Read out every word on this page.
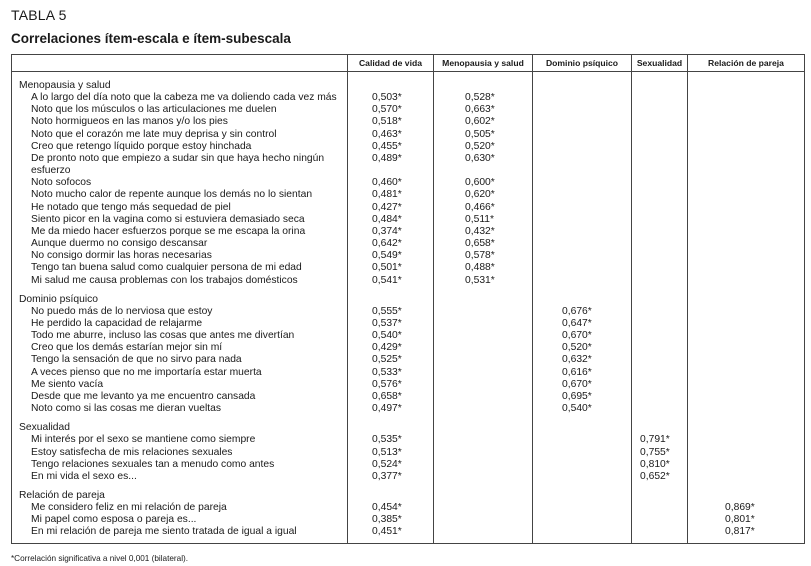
TABLA 5
Correlaciones ítem-escala e ítem-subescala
	Calidad de vida	Menopausia y salud	Dominio psíquico	Sexualidad	Relación de pareja

Menopausia y salud					
A lo largo del día noto que la cabeza me va doliendo cada vez más	0,503*	0,528*			
Noto que los músculos o las articulaciones me duelen	0,570*	0,663*			
Noto hormigueos en las manos y/o los pies	0,518*	0,602*			
Noto que el corazón me late muy deprisa y sin control	0,463*	0,505*			
Creo que retengo líquido porque estoy hinchada	0,455*	0,520*			
De pronto noto que empiezo a sudar sin que haya hecho ningún esfuerzo	0,489*	0,630*			
Noto sofocos	0,460*	0,600*			
Noto mucho calor de repente aunque los demás no lo sientan	0,481*	0,620*			
He notado que tengo más sequedad de piel	0,427*	0,466*			
Siento picor en la vagina como si estuviera demasiado seca	0,484*	0,511*			
Me da miedo hacer esfuerzos porque se me escapa la orina	0,374*	0,432*			
Aunque duermo no consigo descansar	0,642*	0,658*			
No consigo dormir las horas necesarias	0,549*	0,578*			
Tengo tan buena salud como cualquier persona de mi edad	0,501*	0,488*			
Mi salud me causa problemas con los trabajos domésticos	0,541*	0,531*			

Dominio psíquico					
No puedo más de lo nerviosa que estoy	0,555*		0,676*		
He perdido la capacidad de relajarme	0,537*		0,647*		
Todo me aburre, incluso las cosas que antes me divertían	0,540*		0,670*		
Creo que los demás estarían mejor sin mí	0,429*		0,520*		
Tengo la sensación de que no sirvo para nada	0,525*		0,632*		
A veces pienso que no me importaría estar muerta	0,533*		0,616*		
Me siento vacía	0,576*		0,670*		
Desde que me levanto ya me encuentro cansada	0,658*		0,695*		
Noto como si las cosas me dieran vueltas	0,497*		0,540*		

Sexualidad					
Mi interés por el sexo se mantiene como siempre	0,535*			0,791*	
Estoy satisfecha de mis relaciones sexuales	0,513*			0,755*	
Tengo relaciones sexuales tan a menudo como antes	0,524*			0,810*	
En mi vida el sexo es...	0,377*			0,652*	

Relación de pareja					
Me considero feliz en mi relación de pareja	0,454*				0,869*
Mi papel como esposa o pareja es...	0,385*				0,801*
En mi relación de pareja me siento tratada de igual a igual	0,451*				0,817*

*Correlación significativa a nivel 0,001 (bilateral).
